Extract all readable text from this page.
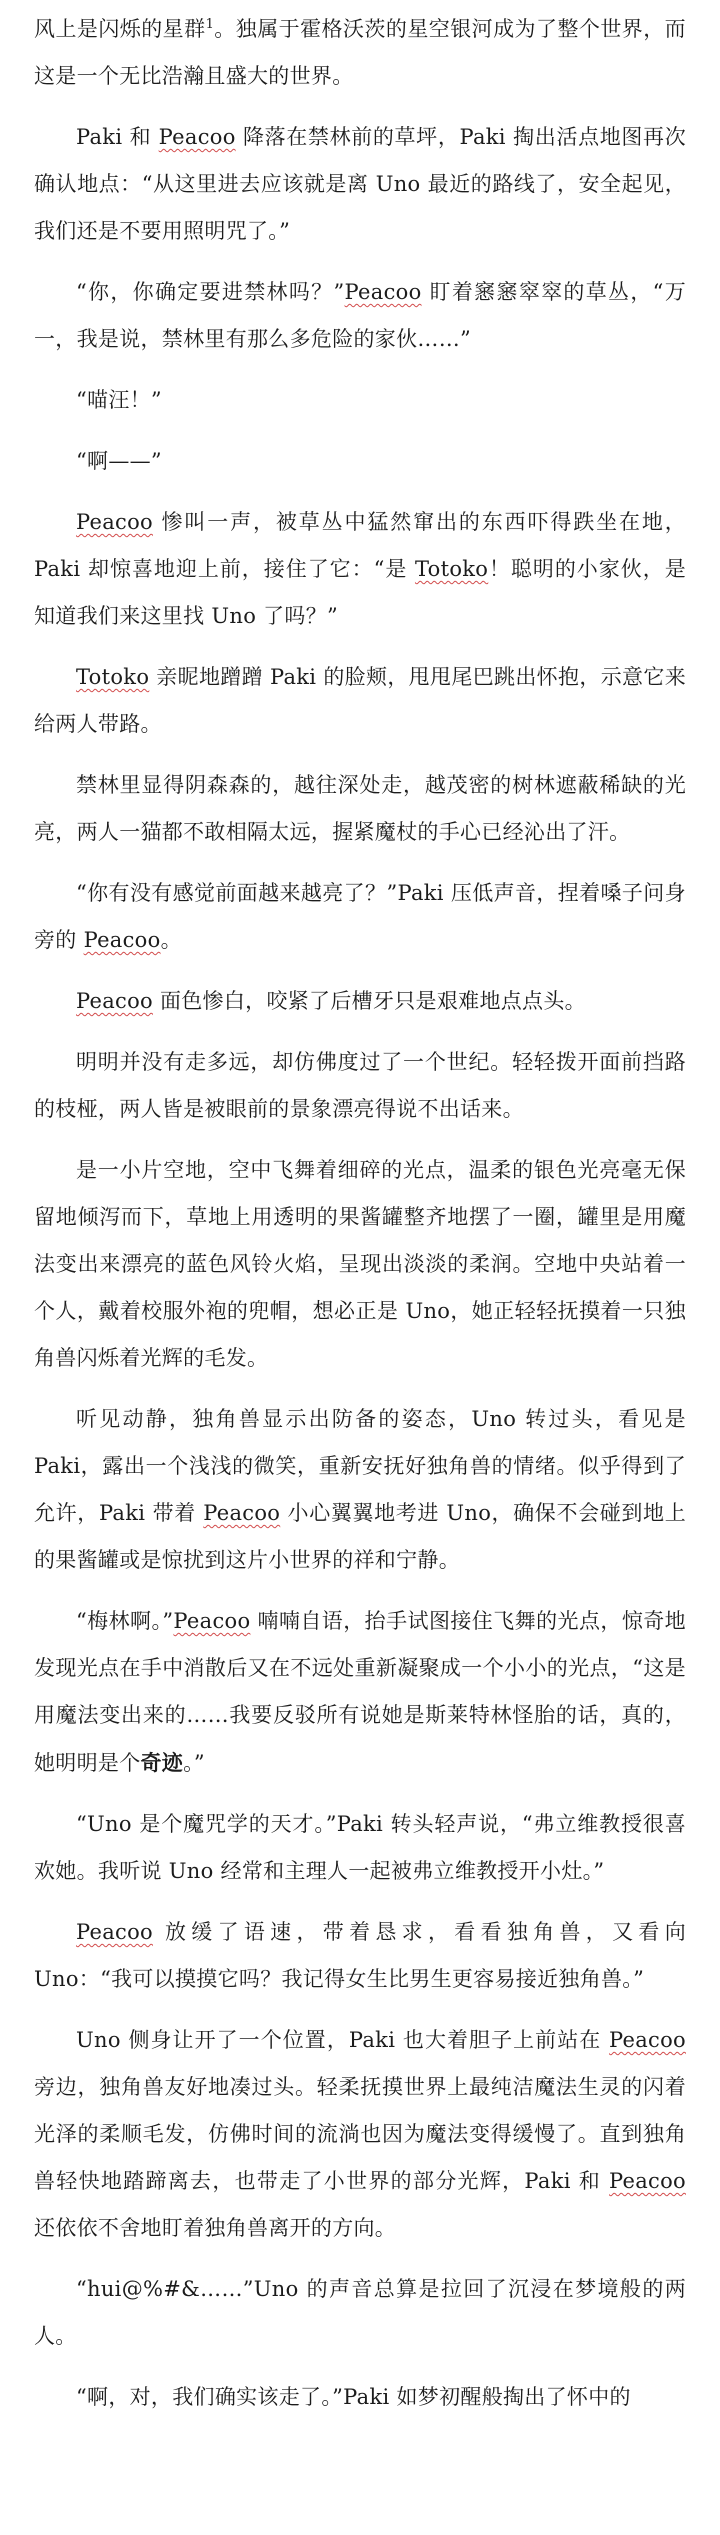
风上是闪烁的星群$^1$。独属于霍格沃茨的星空银河成为了整个世界，而这是一个无比浩瀚且盛大的世界。

Paki 和 Peacoo 降落在禁林前的草坪，Paki 掏出活点地图再次确认地点：“从这里进去应该就是离 Uno 最近的路线了，安全起见，我们还是不要用照明咒了。”

“你，你确定要进禁林吗？”Peacoo 盯着窸窸窣窣的草丛，“万一，我是说，禁林里有那么多危险的家伙……”

“喵汪！”

“啊——”

Peacoo 惨叫一声，被草丛中猛然窜出的东西吓得跌坐在地，Paki 却惊喜地迎上前，接住了它：“是 Totoko！聪明的小家伙，是知道我们来这里找 Uno 了吗？”

Totoko 亲昵地蹭蹭 Paki 的脸颊，甩甩尾巴跳出怀抱，示意它来给两人带路。

禁林里显得阴森森的，越往深处走，越茂密的树林遮蔽稀缺的光亮，两人一猫都不敢相隔太远，握紧魔杖的手心已经沁出了汗。

“你有没有感觉前面越来越亮了？”Paki 压低声音，捏着嗓子问身旁的 Peacoo。

Peacoo 面色惨白，咬紧了后槽牙只是艰难地点点头。

明明并没有走多远，却仿佛度过了一个世纪。轻轻拨开面前挡路的枝桠，两人皆是被眼前的景象漂亮得说不出话来。

是一小片空地，空中飞舞着细碎的光点，温柔的银色光亮毫无保留地倾泻而下，草地上用透明的果酱罐整齐地摆了一圈，罐里是用魔法变出来漂亮的蓝色风铃火焰，呈现出淡淡的柔润。空地中央站着一个人，戴着校服外袍的兜帽，想必正是 Uno，她正轻轻抚摸着一只独角兽闪烁着光辉的毛发。

听见动静，独角兽显示出防备的姿态，Uno 转过头，看见是 Paki，露出一个浅浅的微笑，重新安抚好独角兽的情绪。似乎得到了允许，Paki 带着 Peacoo 小心翼翼地考进 Uno，确保不会碰到地上的果酱罐或是惊扰到这片小世界的祥和宁静。

“梅林啊。”Peacoo 喃喃自语，抬手试图接住飞舞的光点，惊奇地发现光点在手中消散后又在不远处重新凝聚成一个小小的光点，“这是用魔法变出来的……我要反驳所有说她是斯莱特林怪胎的话，真的，她明明是个奇迹。”

“Uno 是个魔咒学的天才。”Paki 转头轻声说，“弗立维教授很喜欢她。我听说 Uno 经常和主理人一起被弗立维教授开小灶。”

Peacoo 放缓了语速，带着恳求，看看独角兽，又看向 Uno：“我可以摸摸它吗？我记得女生比男生更容易接近独角兽。”

Uno 侧身让开了一个位置，Paki 也大着胆子上前站在 Peacoo 旁边，独角兽友好地凑过头。轻柔抚摸世界上最纯洁魔法生灵的闪着光泽的柔顺毛发，仿佛时间的流淌也因为魔法变得缓慢了。直到独角兽轻快地踏蹄离去，也带走了小世界的部分光辉，Paki 和 Peacoo 还依依不舍地盯着独角兽离开的方向。

“hui@%#&……”Uno 的声音总算是拉回了沉浸在梦境般的两人。

“啊，对，我们确实该走了。”Paki 如梦初醒般掏出了怀中的
